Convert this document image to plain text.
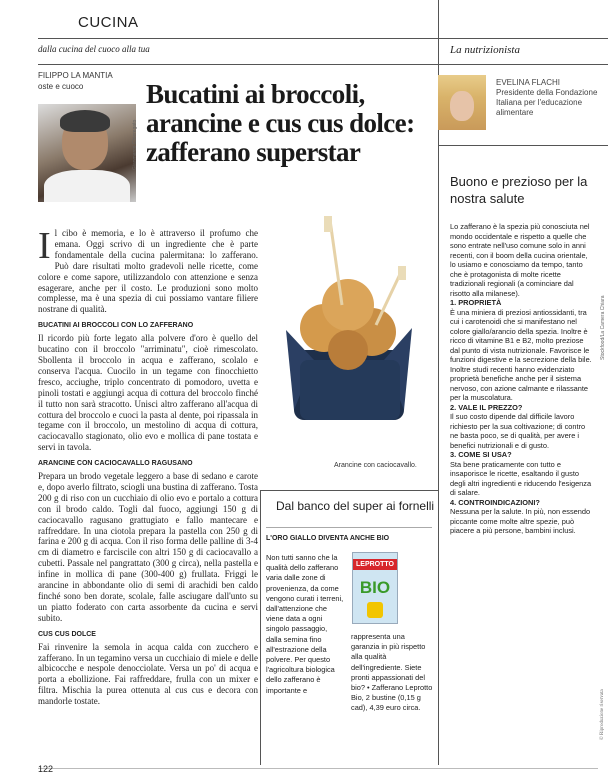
CUCINA
dalla cucina del cuoco alla tua	La nutrizionista
FILIPPO LA MANTIA
oste e cuoco
Gianmarco Chieregato
Bucatini ai broccoli,
arancine e cus cus dolce:
zafferano superstar
EVELINA FLACHI
Presidente della Fondazione Italiana per l'educazione alimentare
Buono e prezioso per la nostra salute

Lo zafferano è la spezia più conosciuta nel mondo occidentale e rispetto a quelle che sono entrate nell'uso comune solo in anni recenti, con il boom della cucina orientale, lo usiamo e conosciamo da tempo, tanto che è protagonista di molte ricette tradizionali regionali (a cominciare dal risotto alla milanese).

1. PROPRIETÀ

È una miniera di preziosi antiossidanti, tra cui i carotenoidi che si manifestano nel colore giallo/arancio della spezia. Inoltre è ricco di vitamine B1 e B2, molto preziose dal punto di vista nutrizionale. Favorisce le funzioni digestive e la secrezione della bile. Inoltre studi recenti hanno evidenziato proprietà benefiche anche per il sistema nervoso, con azione calmante e rilassante per la muscolatura.

2. VALE IL PREZZO?

Il suo costo dipende dal difficile lavoro richiesto per la sua coltivazione; di contro ne basta poco, se di qualità, per avere i benefici nutrizionali e di gusto.

3. COME SI USA?

Sta bene praticamente con tutto e insaporisce le ricette, esaltando il gusto degli altri ingredienti e riducendo l'esigenza di salare.

4. CONTROINDICAZIONI?

Nessuna per la salute. In più, non essendo piccante come molte altre spezie, può piacere a più persone, bambini inclusi.

Stockfood/La Camera Chiara
© Riproduzione riservata

Il cibo è memoria, e lo è attraverso il profumo che emana. Oggi scrivo di un ingrediente che è parte fondamentale della cucina palermitana: lo zafferano. Può dare risultati molto gradevoli nelle ricette, come colore e come sapore, utilizzandolo con attenzione e senza esagerare, anche per il costo. Le produzioni sono molto complesse, ma è una spezia di cui possiamo vantare filiere nostrane di qualità.

BUCATINI AI BROCCOLI CON LO ZAFFERANO

Il ricordo più forte legato alla polvere d'oro è quello del bucatino con il broccolo "arriminatu", cioè rimescolato. Sbollenta il broccolo in acqua e zafferano, scolalo e conserva l'acqua. Cuocilo in un tegame con finocchietto fresco, acciughe, triplo concentrato di pomodoro, uvetta e pinoli tostati e aggiungi acqua di cottura del broccolo finché il tutto non sarà stracotto. Unisci altro zafferano all'acqua di cottura del broccolo e cuoci la pasta al dente, poi ripassala in tegame con il broccolo, un mestolino di acqua di cottura, caciocavallo stagionato, olio evo e mollica di pane tostata e servi in tavola.

ARANCINE CON CACIOCAVALLO RAGUSANO

Prepara un brodo vegetale leggero a base di sedano e carote e, dopo averlo filtrato, sciogli una bustina di zafferano. Tosta 200 g di riso con un cucchiaio di olio evo e portalo a cottura con il brodo caldo. Togli dal fuoco, aggiungi 150 g di caciocavallo ragusano grattugiato e fallo mantecare e raffreddare. In una ciotola prepara la pastella con 250 g di farina e 200 g di acqua. Con il riso forma delle palline di 3-4 cm di diametro e farciscile con altri 150 g di caciocavallo a cubetti. Passale nel pangrattato (300 g circa), nella pastella e infine in mollica di pane (300-400 g) frullata. Friggi le arancine in abbondante olio di semi di arachidi ben caldo finché sono ben dorate, scolale, falle asciugare dall'unto su un piatto foderato con carta assorbente da cucina e servi subito.

CUS CUS DOLCE

Fai rinvenire la semola in acqua calda con zucchero e zafferano. In un tegamino versa un cucchiaio di miele e delle albicocche e nespole denocciolate. Versa un po' di acqua e porta a ebollizione. Fai raffreddare, frulla con un mixer e filtra. Mischia la purea ottenuta al cus cus e decora con mandorle tostate.

Arancine con caciocavallo.
Dal banco del super ai fornelli
L'ORO GIALLO DIVENTA ANCHE BIO
Non tutti sanno che la qualità dello zafferano varia dalle zone di provenienza, da come vengono curati i terreni, dall'attenzione che viene data a ogni singolo passaggio, dalla semina fino all'estrazione della polvere. Per questo l'agricoltura biologica dello zafferano è importante e
LEPROTTO
BIO
rappresenta una garanzia in più rispetto alla qualità dell'ingrediente. Siete pronti appassionati del bio? • Zafferano Leprotto Bio, 2 bustine (0,15 g cad), 4,39 euro circa.
122
